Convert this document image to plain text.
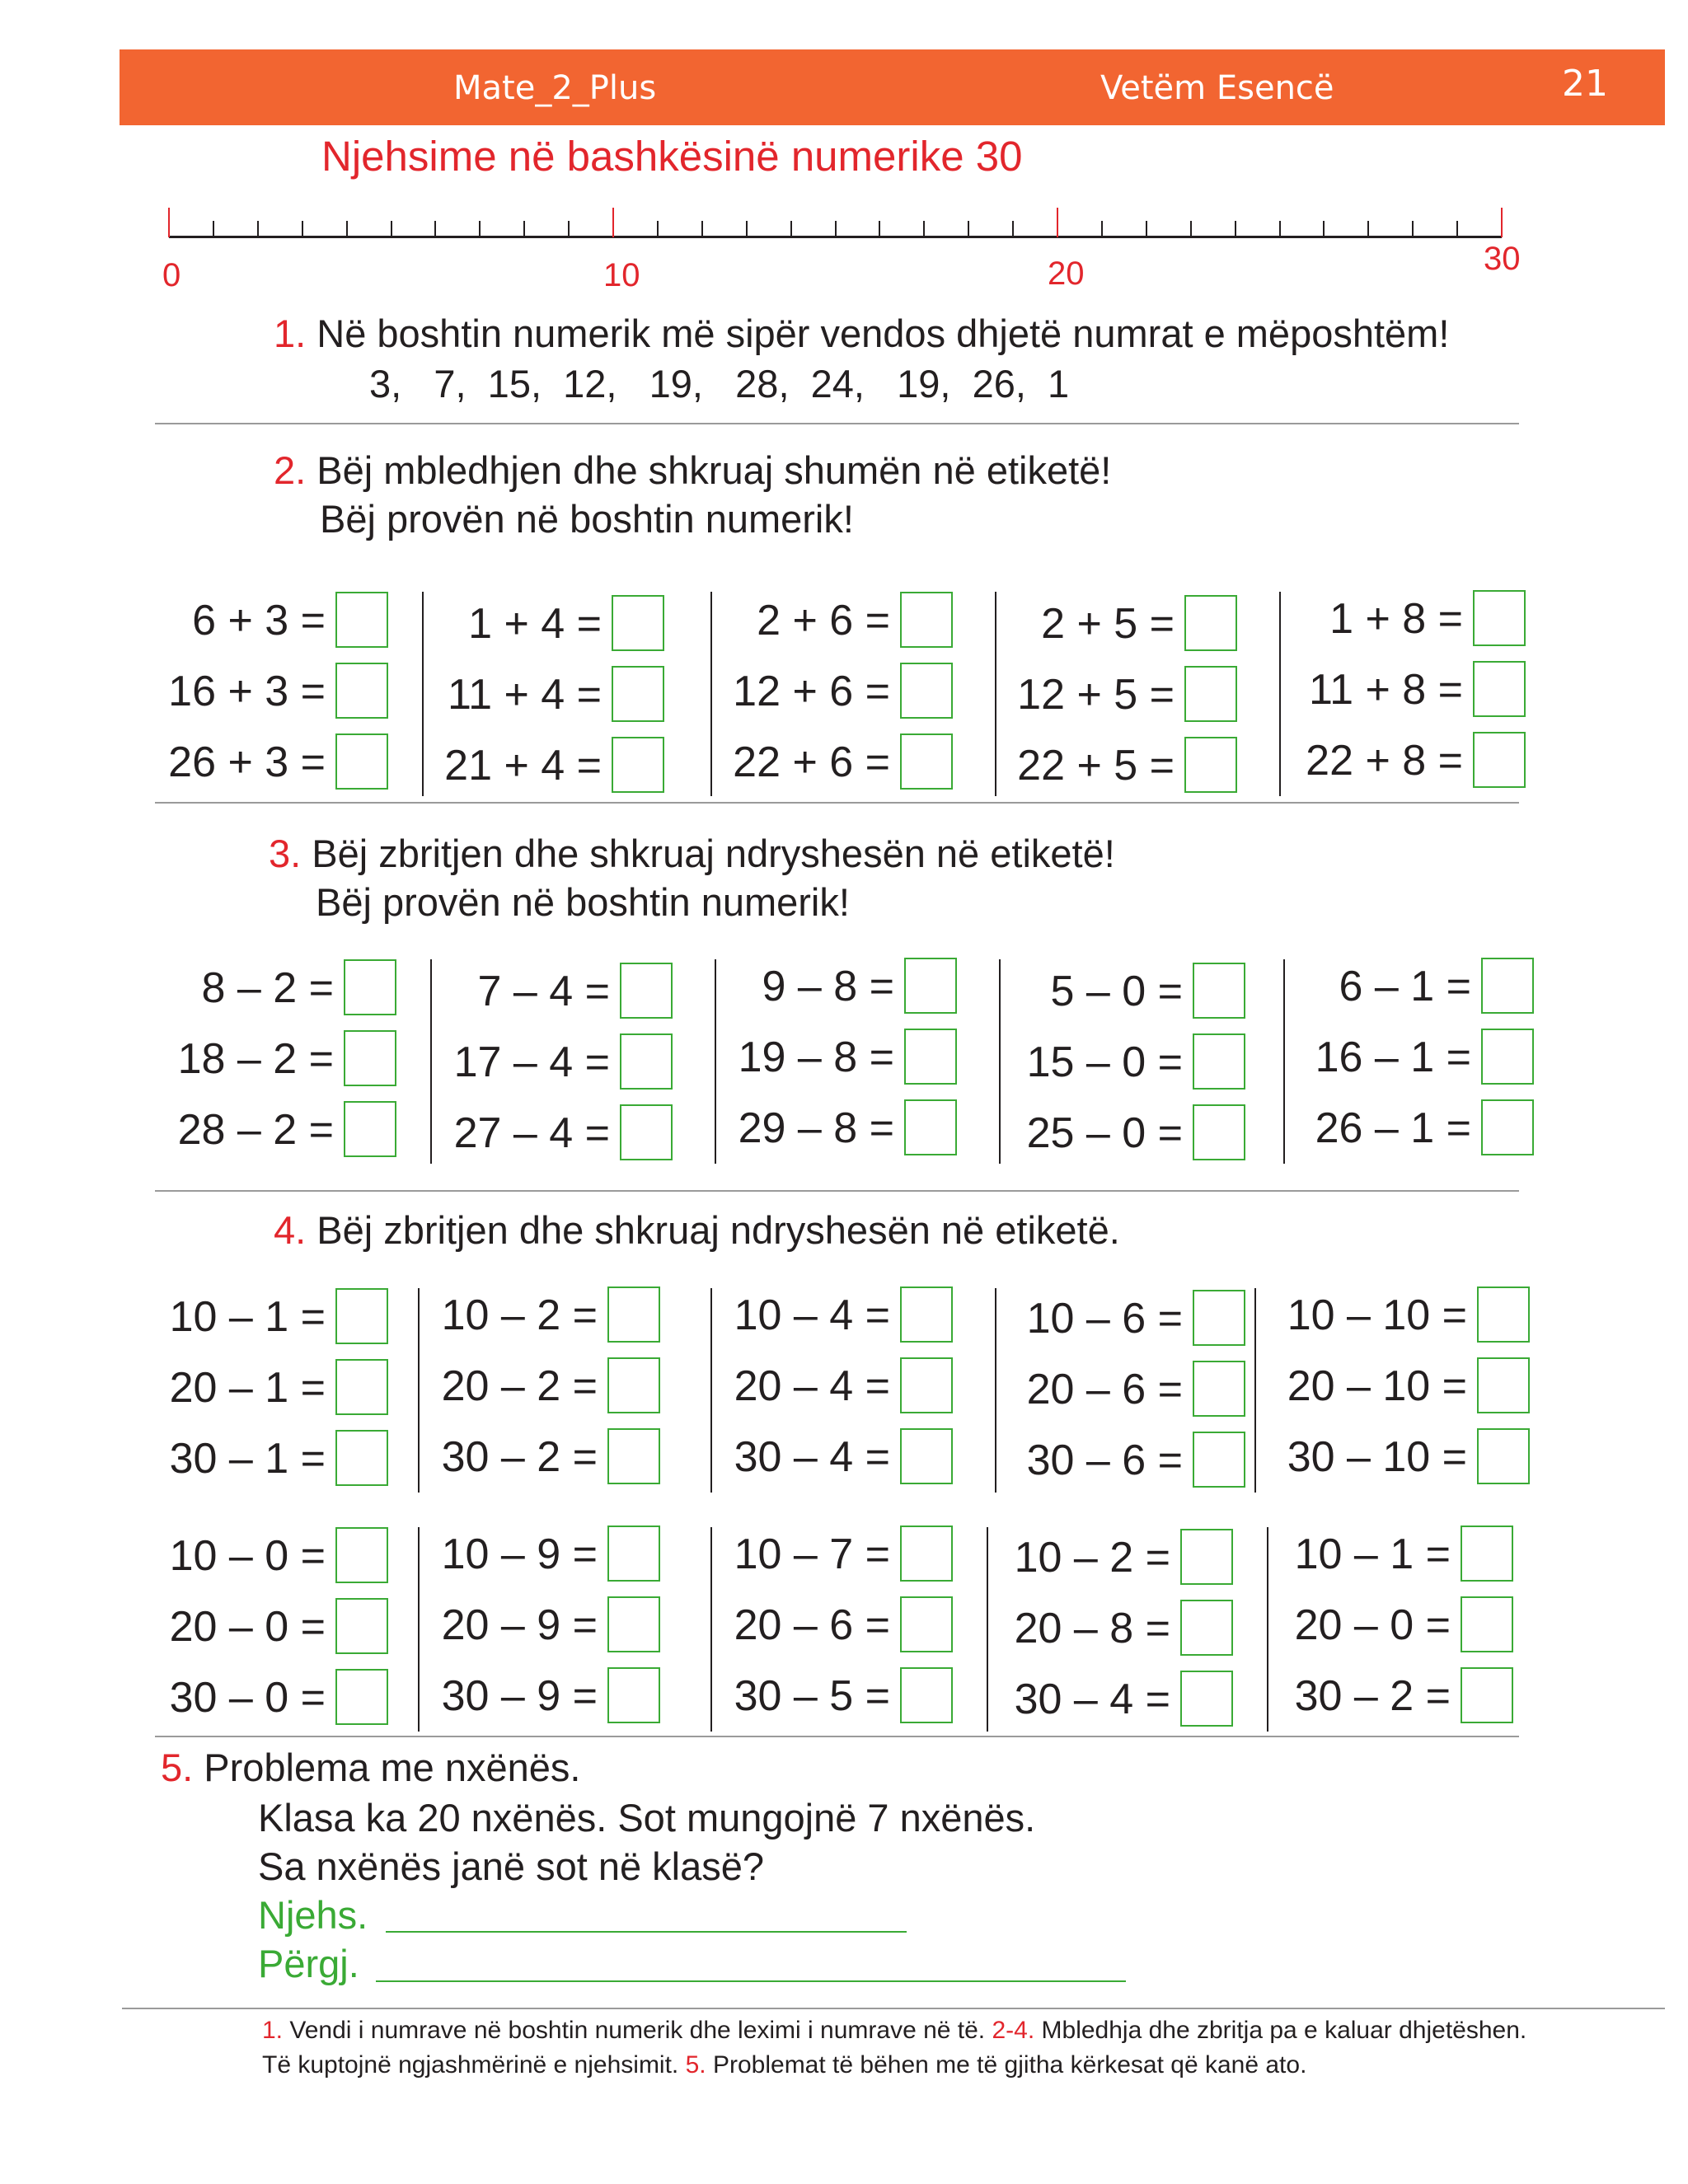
Mate_2_Plus	Vetëm Esencë	21
Njehsime në bashkësinë numerike 30
0	10	20	30
1. Në boshtin numerik më sipër vendos dhjetë numrat e mëposhtëm!
3,   7,  15,  12,   19,   28,  24,   19,  26,  1
2. Bëj mbledhjen dhe shkruaj shumën në etiketë!
Bëj provën në boshtin numerik!
6 + 3 =
16 + 3 =
26 + 3 =
1 + 4 =
11 + 4 =
21 + 4 =
2 + 6 =
12 + 6 =
22 + 6 =
2 + 5 =
12 + 5 =
22 + 5 =
1 + 8 =
11 + 8 =
22 + 8 =
3. Bëj zbritjen dhe shkruaj ndryshesën në etiketë!
Bëj provën në boshtin numerik!
8 – 2 =
18 – 2 =
28 – 2 =
7 – 4 =
17 – 4 =
27 – 4 =
9 – 8 =
19 – 8 =
29 – 8 =
5 – 0 =
15 – 0 =
25 – 0 =
6 – 1 =
16 – 1 =
26 – 1 =
4. Bëj zbritjen dhe shkruaj ndryshesën në etiketë.
10 – 1 =
20 – 1 =
30 – 1 =
10 – 2 =
20 – 2 =
30 – 2 =
10 – 4 =
20 – 4 =
30 – 4 =
10 – 6 =
20 – 6 =
30 – 6 =
10 – 10 =
20 – 10 =
30 – 10 =
10 – 0 =
20 – 0 =
30 – 0 =
10 – 9 =
20 – 9 =
30 – 9 =
10 – 7 =
20 – 6 =
30 – 5 =
10 – 2 =
20 – 8 =
30 – 4 =
10 – 1 =
20 – 0 =
30 – 2 =
5. Problema me nxënës.
Klasa ka 20 nxënës. Sot mungojnë 7 nxënës.
Sa nxënës janë sot në klasë?
Njehs.
Përgj.
1. Vendi i numrave në boshtin numerik dhe leximi i numrave në të. 2-4. Mbledhja dhe zbritja pa e kaluar dhjetëshen.
Të kuptojnë ngjashmërinë e njehsimit. 5. Problemat të bëhen me të gjitha kërkesat që kanë ato.
